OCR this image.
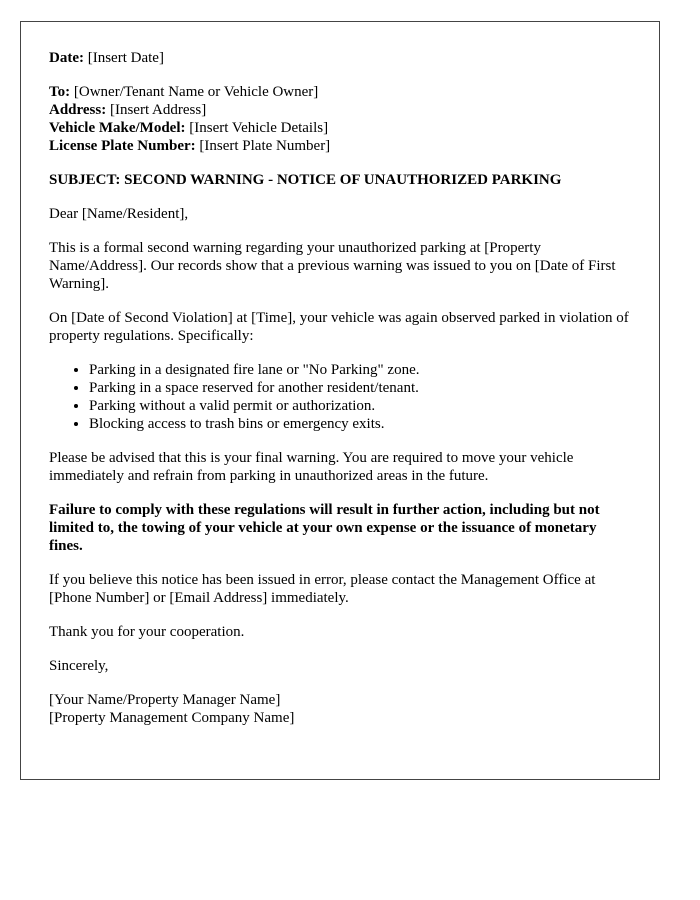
Date: [Insert Date]

To: [Owner/Tenant Name or Vehicle Owner]

Address: [Insert Address]

Vehicle Make/Model: [Insert Vehicle Details]

License Plate Number: [Insert Plate Number]

SUBJECT: SECOND WARNING - NOTICE OF UNAUTHORIZED PARKING

Dear [Name/Resident],

This is a formal second warning regarding your unauthorized parking at [Property Name/Address]. Our records show that a previous warning was issued to you on [Date of First Warning].

On [Date of Second Violation] at [Time], your vehicle was again observed parked in violation of property regulations. Specifically:

• Parking in a designated fire lane or "No Parking" zone.
• Parking in a space reserved for another resident/tenant.
• Parking without a valid permit or authorization.
• Blocking access to trash bins or emergency exits.

Please be advised that this is your final warning. You are required to move your vehicle immediately and refrain from parking in unauthorized areas in the future.

Failure to comply with these regulations will result in further action, including but not limited to, the towing of your vehicle at your own expense or the issuance of monetary fines.

If you believe this notice has been issued in error, please contact the Management Office at [Phone Number] or [Email Address] immediately.

Thank you for your cooperation.

Sincerely,

[Your Name/Property Manager Name]

[Property Management Company Name]
